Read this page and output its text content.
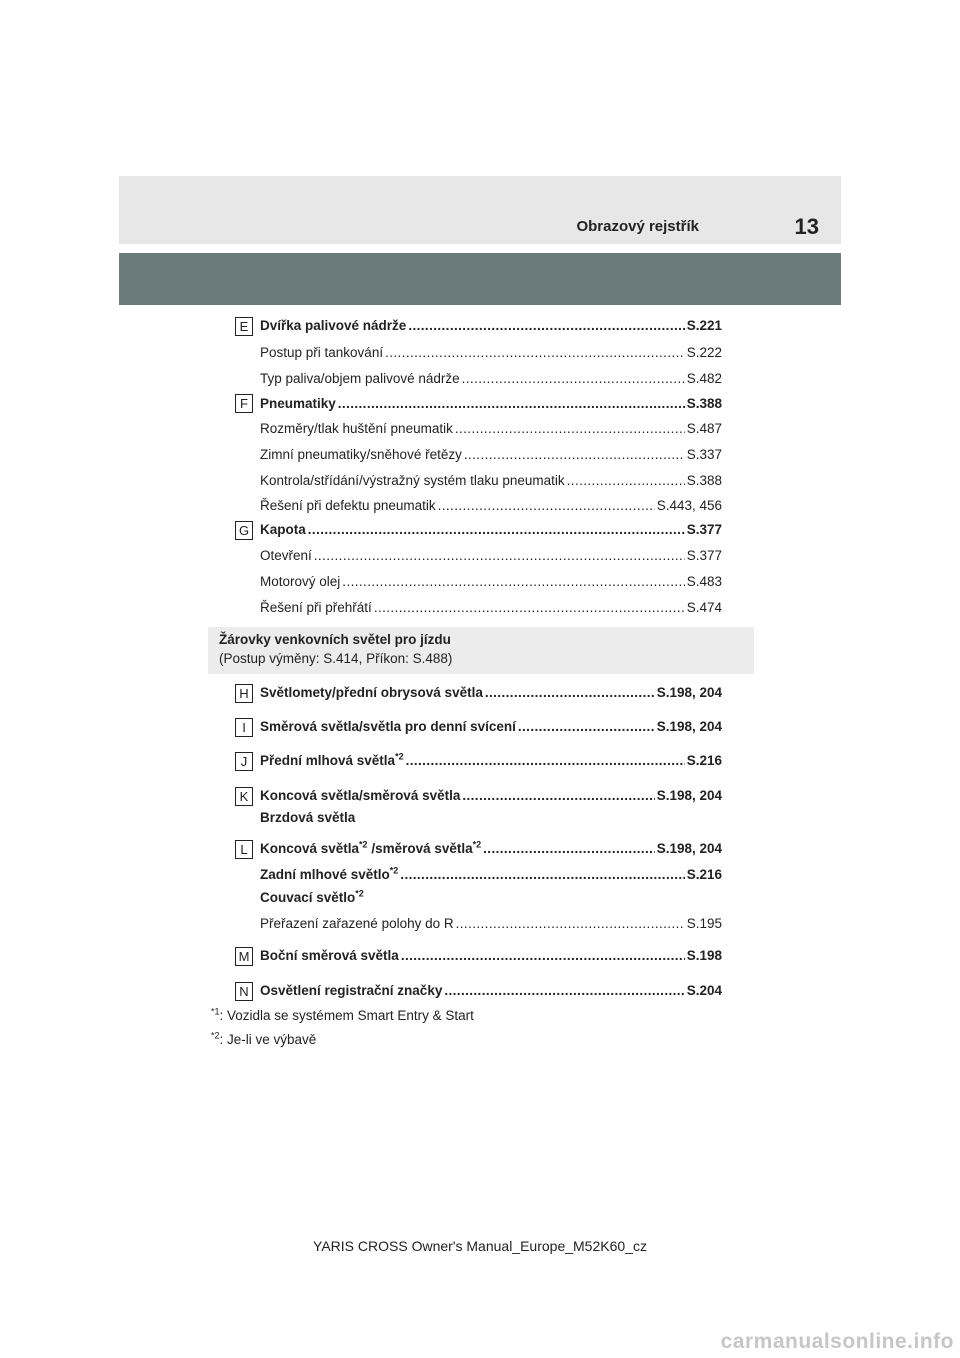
Obrazový rejstřík	13
E Dvířka palivové nádrže .....	S.221
Postup při tankování .....	S.222
Typ paliva/objem palivové nádrže .....	S.482
F Pneumatiky .....	S.388
Rozměry/tlak huštění pneumatik .....	S.487
Zimní pneumatiky/sněhové řetězy .....	S.337
Kontrola/střídání/výstražný systém tlaku pneumatik .....	S.388
Řešení při defektu pneumatik .....	S.443, 456
G Kapota .....	S.377
Otevření .....	S.377
Motorový olej .....	S.483
Řešení při přehřátí .....	S.474
Žárovky venkovních světel pro jízdu
(Postup výměny: S.414, Příkon: S.488)
H Světlomety/přední obrysová světla .....	S.198, 204
I	Směrová světla/světla pro denní svícení .....	S.198, 204
J Přední mlhová světla$^{*2}$ .....	S.216
K Koncová světla/směrová světla .....	S.198, 204
Brzdová světla
L Koncová světla$^{*2}$ /směrová světla$^{*2}$ .....	S.198, 204
Zadní mlhové světlo$^{*2}$ .....	S.216
Couvací světlo$^{*2}$
Přeřazení zařazené polohy do R .....	S.195
M Boční směrová světla .....	S.198
N Osvětlení registrační značky .....	S.204
$^{*1}$: Vozidla se systémem Smart Entry & Start
$^{*2}$: Je-li ve výbavě
YARIS CROSS Owner's Manual_Europe_M52K60_cz
carmanualsonline.info
